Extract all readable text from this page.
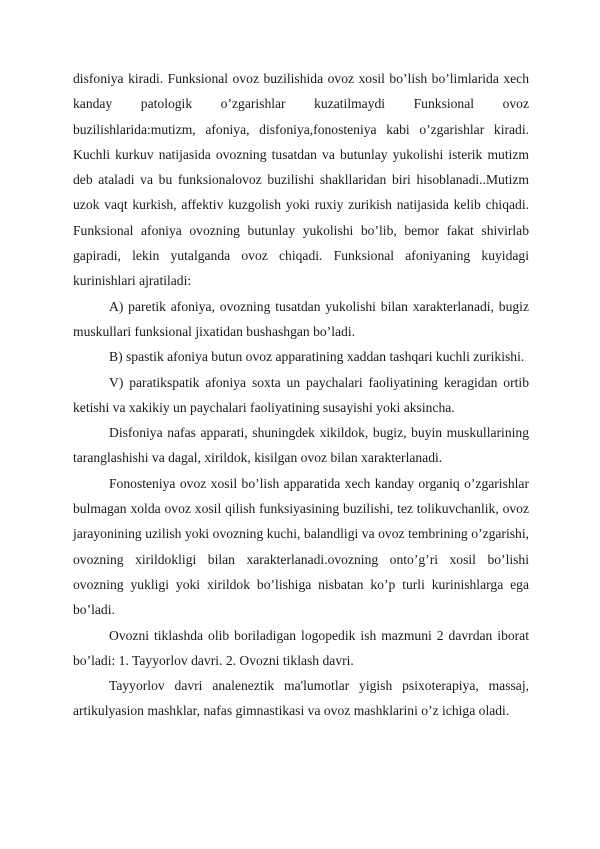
disfoniya kiradi. Funksional ovoz buzilishida ovoz xosil bo’lish bo’limlarida xech kanday patologik o’zgarishlar kuzatilmaydi Funksional ovoz buzilishlarida:mutizm, afoniya, disfoniya,fonosteniya kabi o’zgarishlar kiradi. Kuchli kurkuv natijasida ovozning tusatdan va butunlay yukolishi isterik mutizm deb ataladi va bu funksionalovoz buzilishi shakllaridan biri hisoblanadi..Mutizm uzok vaqt kurkish, affektiv kuzgolish yoki ruxiy zurikish natijasida kelib chiqadi. Funksional afoniya ovozning butunlay yukolishi bo’lib, bemor fakat shivirlab gapiradi, lekin yutalganda ovoz chiqadi. Funksional afoniyaning kuyidagi kurinishlari ajratiladi:

A) paretik afoniya, ovozning tusatdan yukolishi bilan xarakterlanadi, bugiz muskullari funksional jixatidan bushashgan bo’ladi.

B) spastik afoniya butun ovoz apparatining xaddan tashqari kuchli zurikishi.

V) paratikspatik afoniya soxta un paychalari faoliyatining keragidan ortib ketishi va xakikiy un paychalari faoliyatining susayishi yoki aksincha.

Disfoniya nafas apparati, shuningdek xikildok, bugiz, buyin muskullarining taranglashishi va dagal, xirildok, kisilgan ovoz bilan xarakterlanadi.

Fonosteniya ovoz xosil bo’lish apparatida xech kanday organiq o’zgarishlar bulmagan xolda ovoz xosil qilish funksiyasining buzilishi, tez tolikuvchanlik, ovoz jarayonining uzilish yoki ovozning kuchi, balandligi va ovoz tembrining o’zgarishi, ovozning xirildokligi bilan xarakterlanadi.ovozning onto’g’ri xosil bo’lishi ovozning yukligi yoki xirildok bo’lishiga nisbatan ko’p turli kurinishlarga ega bo’ladi.

Ovozni tiklashda olib boriladigan logopedik ish mazmuni 2 davrdan iborat bo’ladi: 1. Tayyorlov davri. 2. Ovozni tiklash davri.

Tayyorlov davri analeneztik ma'lumotlar yigish psixoterapiya, massaj, artikulyasion mashklar, nafas gimnastikasi va ovoz mashklarini o’z ichiga oladi.
